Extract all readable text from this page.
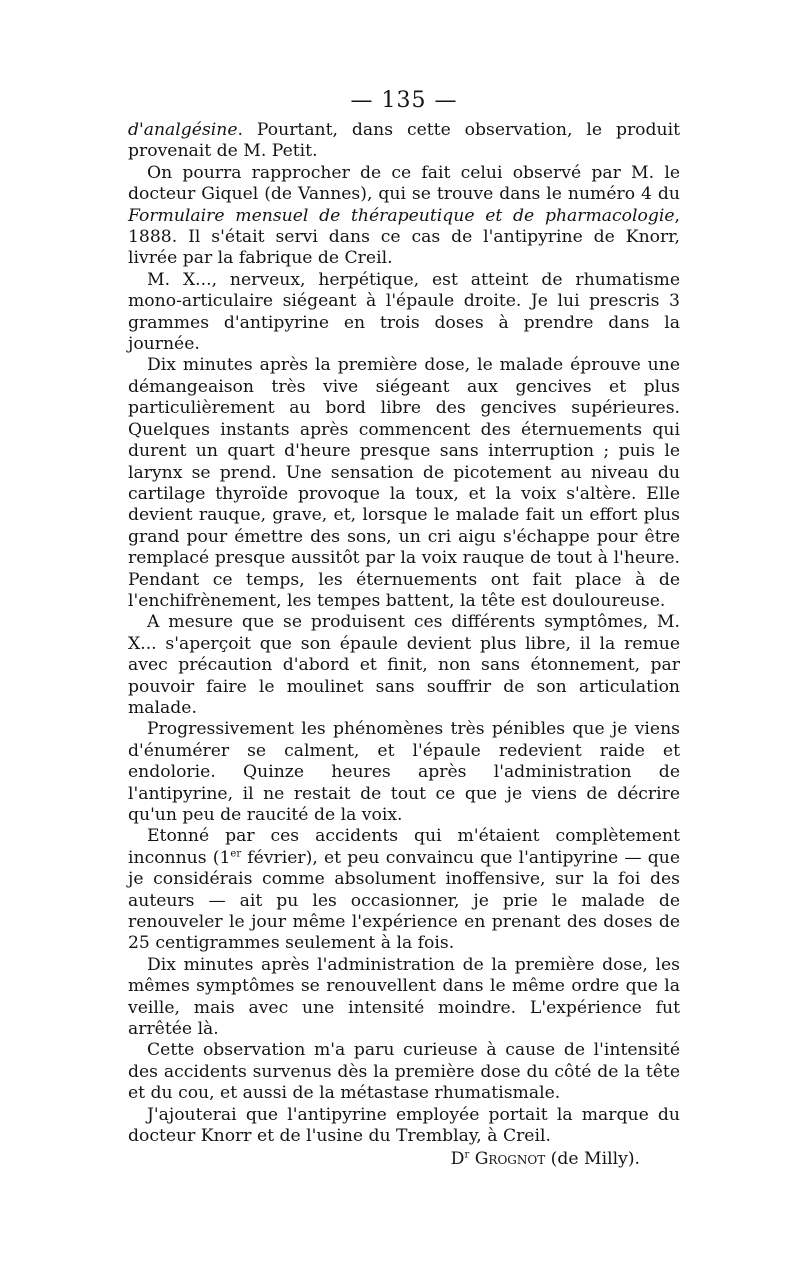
— 135 —

d'analgésine. Pourtant, dans cette observation, le produit provenait de M. Petit.

On pourra rapprocher de ce fait celui observé par M. le docteur Giquel (de Vannes), qui se trouve dans le numéro 4 du Formulaire mensuel de thérapeutique et de pharmacologie, 1888. Il s'était servi dans ce cas de l'antipyrine de Knorr, livrée par la fabrique de Creil.

M. X..., nerveux, herpétique, est atteint de rhumatisme mono-articulaire siégeant à l'épaule droite. Je lui prescris 3 grammes d'antipyrine en trois doses à prendre dans la journée.

Dix minutes après la première dose, le malade éprouve une démangeaison très vive siégeant aux gencives et plus particulièrement au bord libre des gencives supérieures. Quelques instants après commencent des éternuements qui durent un quart d'heure presque sans interruption ; puis le larynx se prend. Une sensation de picotement au niveau du cartilage thyroïde provoque la toux, et la voix s'altère. Elle devient rauque, grave, et, lorsque le malade fait un effort plus grand pour émettre des sons, un cri aigu s'échappe pour être remplacé presque aussitôt par la voix rauque de tout à l'heure. Pendant ce temps, les éternuements ont fait place à de l'enchifrènement, les tempes battent, la tête est douloureuse.

A mesure que se produisent ces différents symptômes, M. X... s'aperçoit que son épaule devient plus libre, il la remue avec précaution d'abord et finit, non sans étonnement, par pouvoir faire le moulinet sans souffrir de son articulation malade.

Progressivement les phénomènes très pénibles que je viens d'énumérer se calment, et l'épaule redevient raide et endolorie. Quinze heures après l'administration de l'antipyrine, il ne restait de tout ce que je viens de décrire qu'un peu de raucité de la voix.

Etonné par ces accidents qui m'étaient complètement inconnus (1er février), et peu convaincu que l'antipyrine — que je considérais comme absolument inoffensive, sur la foi des auteurs — ait pu les occasionner, je prie le malade de renouveler le jour même l'expérience en prenant des doses de 25 centigrammes seulement à la fois.

Dix minutes après l'administration de la première dose, les mêmes symptômes se renouvellent dans le même ordre que la veille, mais avec une intensité moindre. L'expérience fut arrêtée là.

Cette observation m'a paru curieuse à cause de l'intensité des accidents survenus dès la première dose du côté de la tête et du cou, et aussi de la métastase rhumatismale.

J'ajouterai que l'antipyrine employée portait la marque du docteur Knorr et de l'usine du Tremblay, à Creil.

$D^r$ Grognot (de Milly).
